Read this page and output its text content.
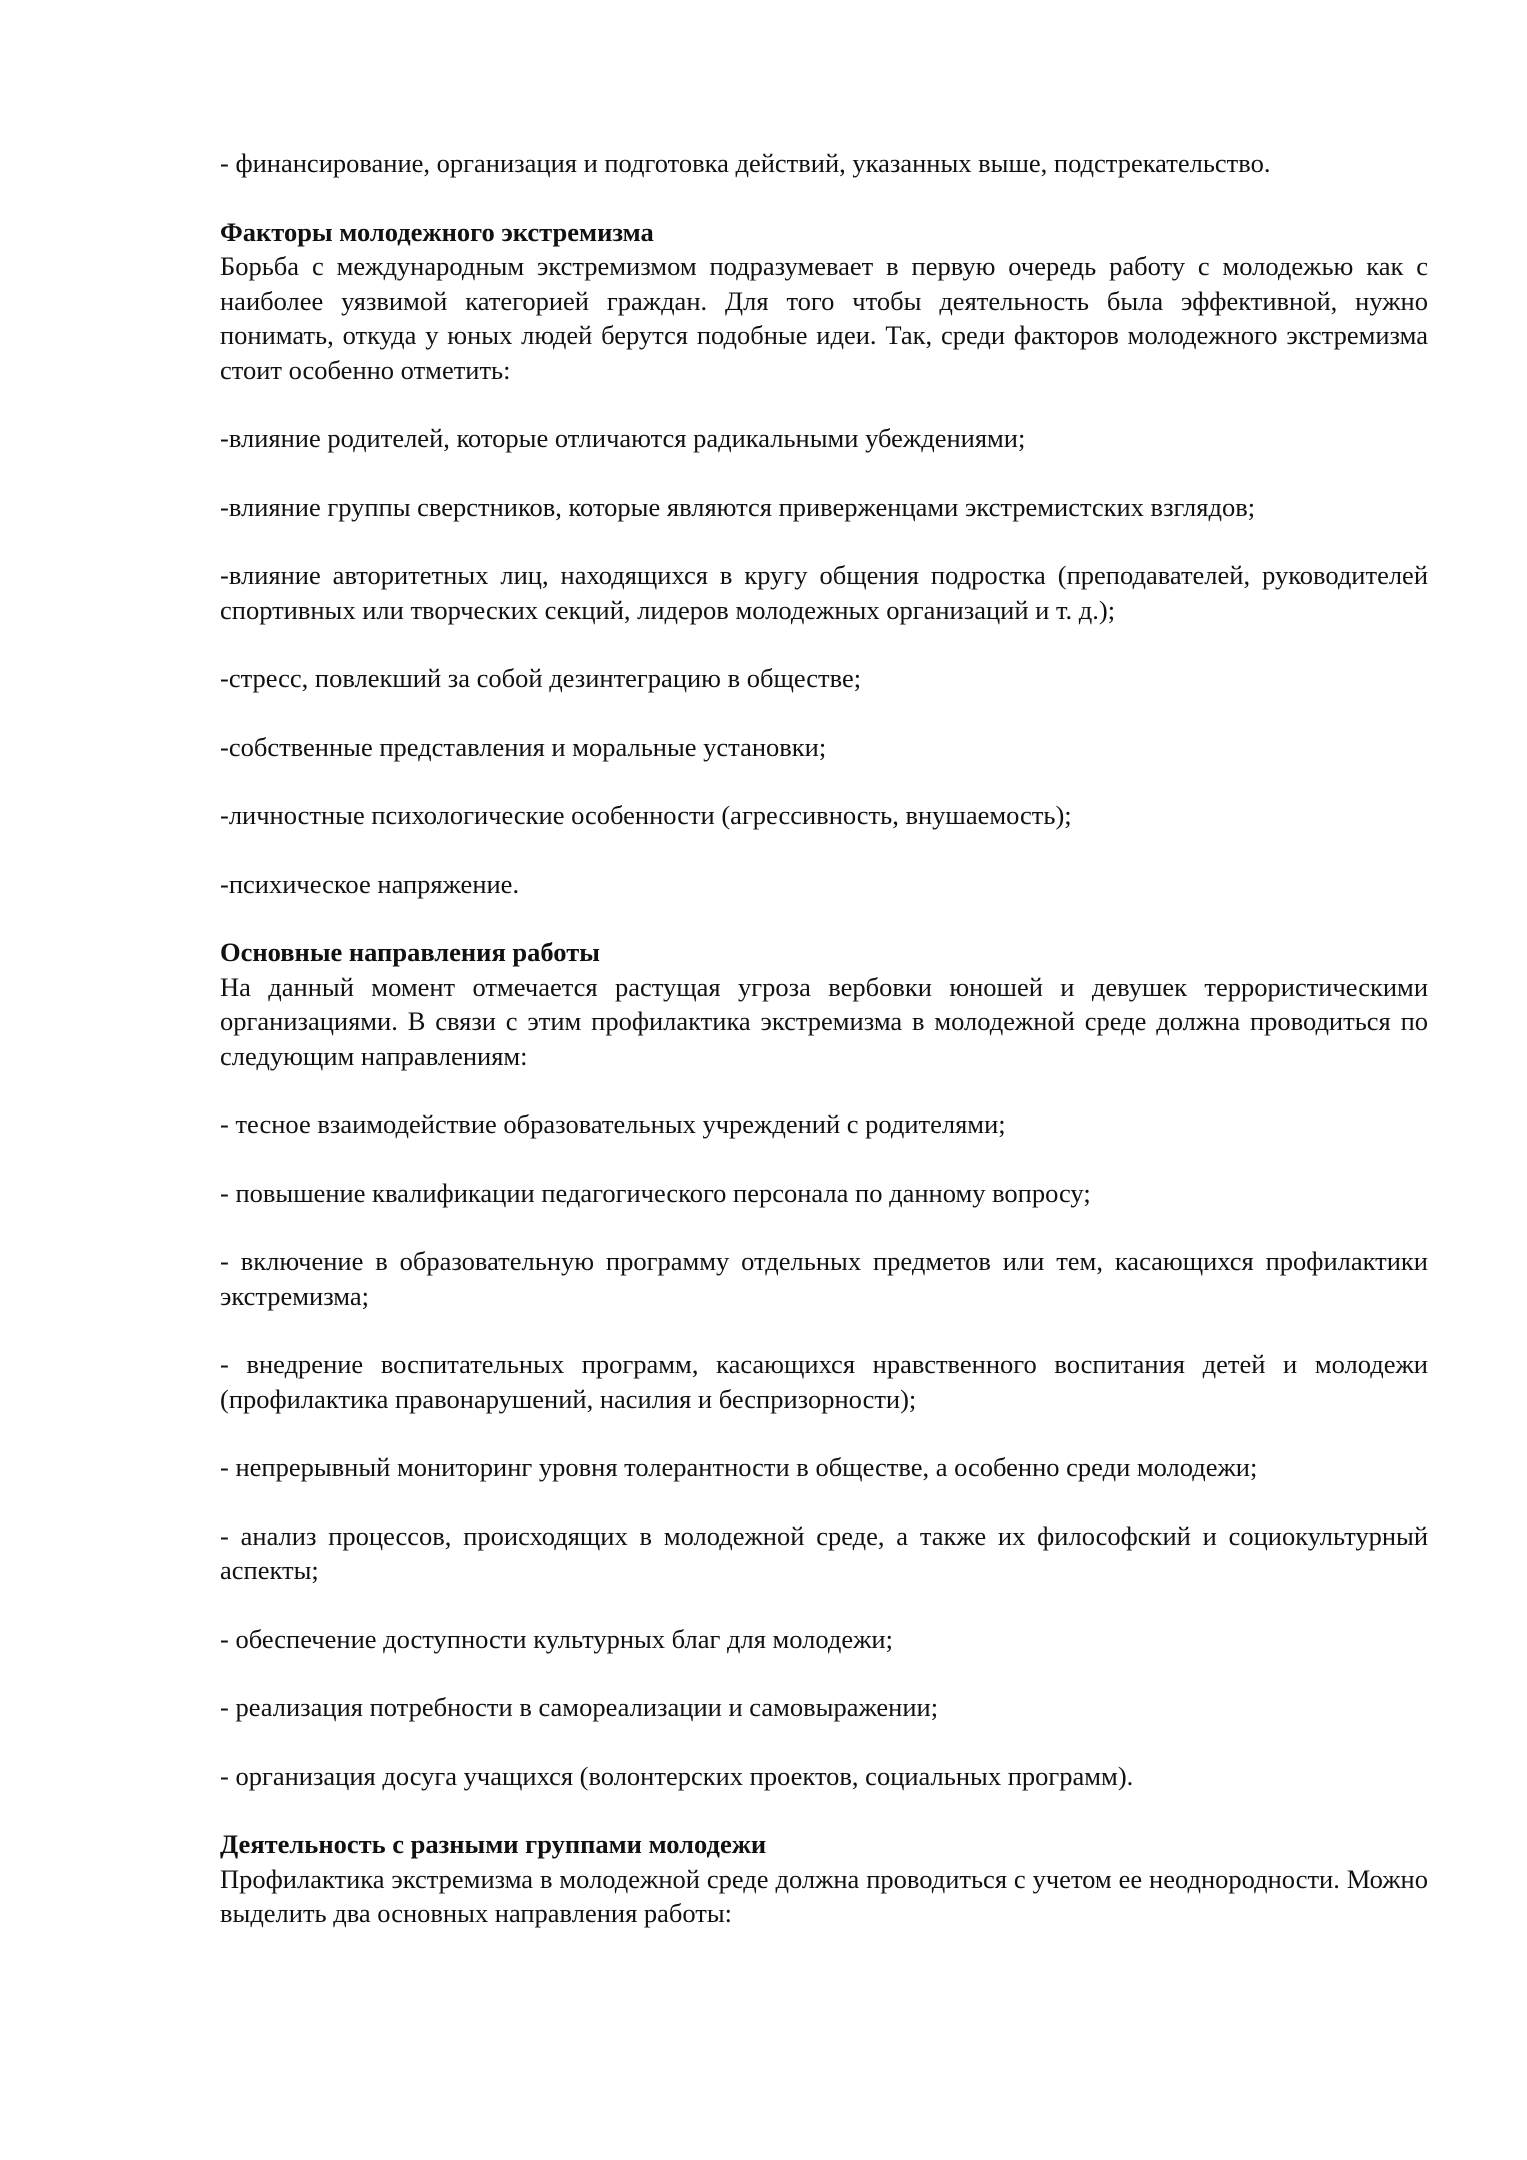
- финансирование, организация и подготовка действий, указанных выше, подстрекательство.

Факторы молодежного экстремизма

Борьба с международным экстремизмом подразумевает в первую очередь работу с молодежью как с наиболее уязвимой категорией граждан. Для того чтобы деятельность была эффективной, нужно понимать, откуда у юных людей берутся подобные идеи. Так, среди факторов молодежного экстремизма стоит особенно отметить:

-влияние родителей, которые отличаются радикальными убеждениями;

-влияние группы сверстников, которые являются приверженцами экстремистских взглядов;

-влияние авторитетных лиц, находящихся в кругу общения подростка (преподавателей, руководителей спортивных или творческих секций, лидеров молодежных организаций и т. д.);

-стресс, повлекший за собой дезинтеграцию в обществе;

-собственные представления и моральные установки;

-личностные психологические особенности (агрессивность, внушаемость);

-психическое напряжение.

Основные направления работы

На данный момент отмечается растущая угроза вербовки юношей и девушек террористическими организациями. В связи с этим профилактика экстремизма в молодежной среде должна проводиться по следующим направлениям:

- тесное взаимодействие образовательных учреждений с родителями;

- повышение квалификации педагогического персонала по данному вопросу;

- включение в образовательную программу отдельных предметов или тем, касающихся профилактики экстремизма;

- внедрение воспитательных программ, касающихся нравственного воспитания детей и молодежи (профилактика правонарушений, насилия и беспризорности);

- непрерывный мониторинг уровня толерантности в обществе, а особенно среди молодежи;

- анализ процессов, происходящих в молодежной среде, а также их философский и социокультурный аспекты;

- обеспечение доступности культурных благ для молодежи;

- реализация потребности в самореализации и самовыражении;

- организация досуга учащихся (волонтерских проектов, социальных программ).

Деятельность с разными группами молодежи

Профилактика экстремизма в молодежной среде должна проводиться с учетом ее неоднородности. Можно выделить два основных направления работы:
